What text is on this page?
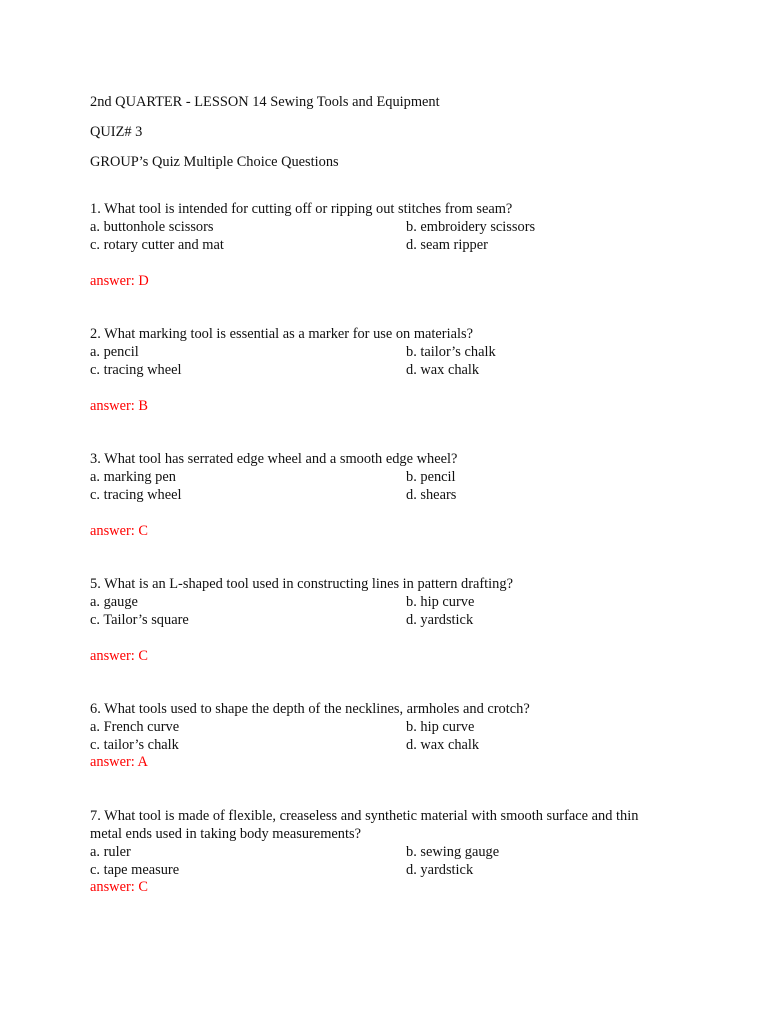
2nd QUARTER - LESSON 14 Sewing Tools and Equipment
QUIZ# 3
GROUP’s Quiz Multiple Choice Questions
1. What tool is intended for cutting off or ripping out stitches from seam?
a. buttonhole scissors	b. embroidery scissors
c. rotary cutter and mat	d. seam ripper
answer: D
2. What marking tool is essential as a marker for use on materials?
a. pencil	b. tailor’s chalk
c. tracing wheel	d. wax chalk
answer: B
3. What tool has serrated edge wheel and a smooth edge wheel?
a. marking pen	b. pencil
c. tracing wheel	d. shears
answer: C
5. What is an L-shaped tool used in constructing lines in pattern drafting?
a. gauge	b. hip curve
c. Tailor’s square	d. yardstick
answer: C
6. What tools used to shape the depth of the necklines, armholes and crotch?
a. French curve	b. hip curve
c. tailor’s chalk	d. wax chalk
answer: A
7. What tool is made of flexible, creaseless and synthetic material with smooth surface and thin
metal ends used in taking body measurements?
a. ruler	b. sewing gauge
c. tape measure	d. yardstick
answer: C
